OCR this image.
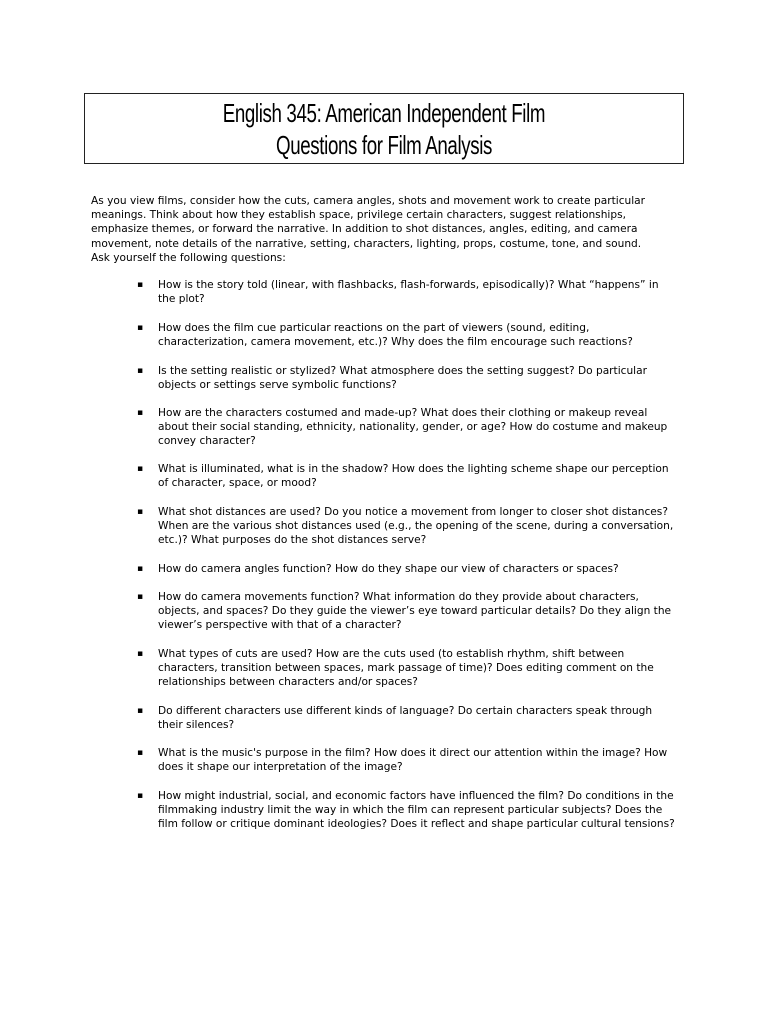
English 345: American Independent Film
Questions for Film Analysis

As you view films, consider how the cuts, camera angles, shots and movement work to create particular meanings. Think about how they establish space, privilege certain characters, suggest relationships, emphasize themes, or forward the narrative. In addition to shot distances, angles, editing, and camera movement, note details of the narrative, setting, characters, lighting, props, costume, tone, and sound. Ask yourself the following questions:

▪ How is the story told (linear, with flashbacks, flash-forwards, episodically)? What “happens” in the plot?
▪ How does the film cue particular reactions on the part of viewers (sound, editing, characterization, camera movement, etc.)? Why does the film encourage such reactions?
▪ Is the setting realistic or stylized? What atmosphere does the setting suggest? Do particular objects or settings serve symbolic functions?
▪ How are the characters costumed and made-up? What does their clothing or makeup reveal about their social standing, ethnicity, nationality, gender, or age? How do costume and makeup convey character?
▪ What is illuminated, what is in the shadow? How does the lighting scheme shape our perception of character, space, or mood?
▪ What shot distances are used? Do you notice a movement from longer to closer shot distances? When are the various shot distances used (e.g., the opening of the scene, during a conversation, etc.)? What purposes do the shot distances serve?
▪ How do camera angles function? How do they shape our view of characters or spaces?
▪ How do camera movements function? What information do they provide about characters, objects, and spaces? Do they guide the viewer’s eye toward particular details? Do they align the viewer’s perspective with that of a character?
▪ What types of cuts are used? How are the cuts used (to establish rhythm, shift between characters, transition between spaces, mark passage of time)? Does editing comment on the relationships between characters and/or spaces?
▪ Do different characters use different kinds of language? Do certain characters speak through their silences?
▪ What is the music's purpose in the film? How does it direct our attention within the image? How does it shape our interpretation of the image?
▪ How might industrial, social, and economic factors have influenced the film? Do conditions in the filmmaking industry limit the way in which the film can represent particular subjects? Does the film follow or critique dominant ideologies? Does it reflect and shape particular cultural tensions?
